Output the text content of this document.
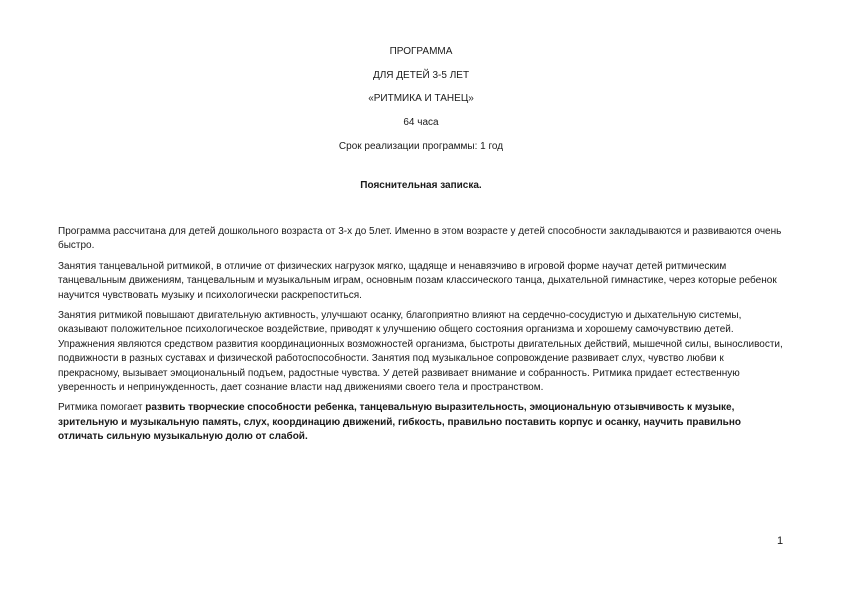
ПРОГРАММА
ДЛЯ ДЕТЕЙ 3-5 ЛЕТ
«РИТМИКА И ТАНЕЦ»
64 часа
Срок реализации программы: 1 год
Пояснительная записка.

Программа рассчитана для детей дошкольного возраста от 3-х до 5лет. Именно в этом возрасте у детей способности закладываются и развиваются очень быстро.

Занятия танцевальной ритмикой, в отличие от физических нагрузок мягко, щадяще и ненавязчиво в игровой форме научат детей ритмическим танцевальным движениям, танцевальным и музыкальным играм, основным позам классического танца, дыхательной гимнастике, через которые ребенок научится чувствовать музыку и психологически раскрепоститься.

Занятия ритмикой повышают двигательную активность, улучшают осанку, благоприятно влияют на сердечно-сосудистую и дыхательную системы, оказывают положительное психологическое воздействие, приводят к улучшению общего состояния организма и хорошему самочувствию детей. Упражнения являются средством развития координационных возможностей организма, быстроты двигательных действий, мышечной силы, выносливости, подвижности в разных суставах и физической работоспособности. Занятия под музыкальное сопровождение развивает слух, чувство любви к прекрасному, вызывает эмоциональный подъем, радостные чувства. У детей развивает внимание и собранность. Ритмика придает естественную уверенность и непринужденность, дает сознание власти над движениями своего тела и пространством.

Ритмика помогает развить творческие способности ребенка, танцевальную выразительность, эмоциональную отзывчивость к музыке, зрительную и музыкальную память, слух, координацию движений, гибкость, правильно поставить корпус и осанку, научить правильно отличать сильную музыкальную долю от слабой.

1
